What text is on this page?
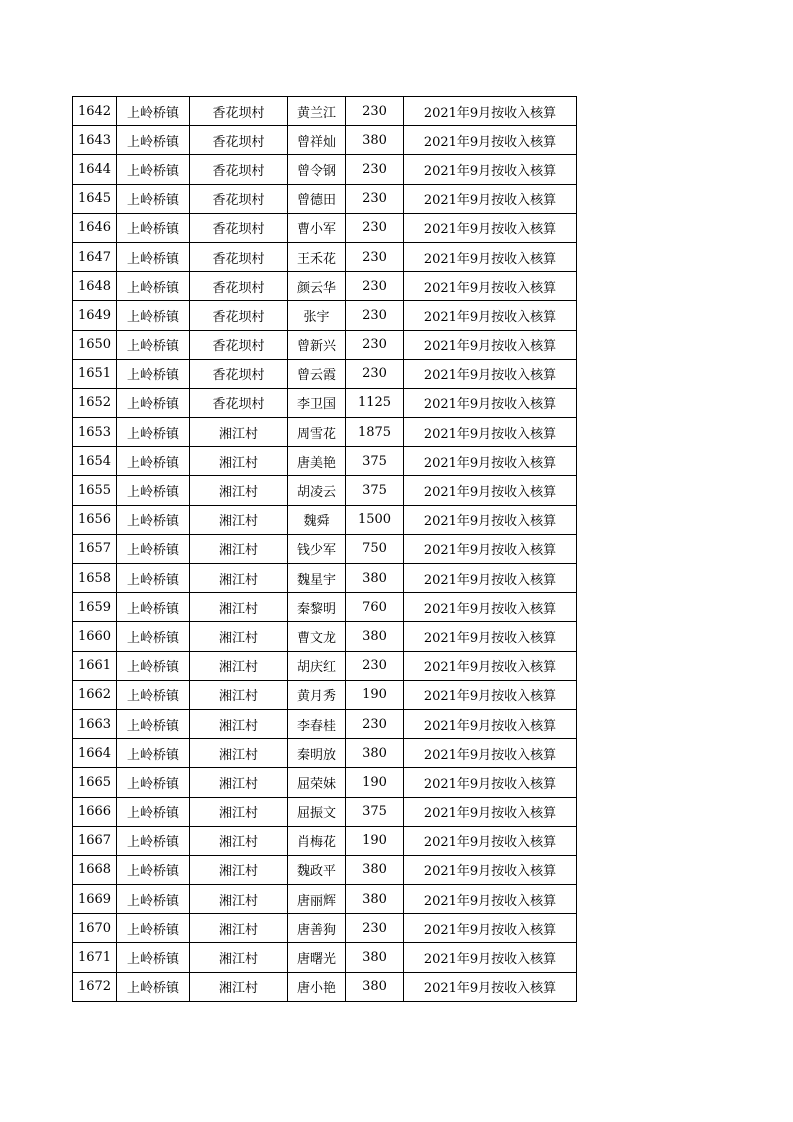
1642	上岭桥镇	香花坝村	黄兰江	230	2021年9月按收入核算
1643	上岭桥镇	香花坝村	曾祥灿	380	2021年9月按收入核算
1644	上岭桥镇	香花坝村	曾令钢	230	2021年9月按收入核算
1645	上岭桥镇	香花坝村	曾德田	230	2021年9月按收入核算
1646	上岭桥镇	香花坝村	曹小军	230	2021年9月按收入核算
1647	上岭桥镇	香花坝村	王禾花	230	2021年9月按收入核算
1648	上岭桥镇	香花坝村	颜云华	230	2021年9月按收入核算
1649	上岭桥镇	香花坝村	张宇	230	2021年9月按收入核算
1650	上岭桥镇	香花坝村	曾新兴	230	2021年9月按收入核算
1651	上岭桥镇	香花坝村	曾云霞	230	2021年9月按收入核算
1652	上岭桥镇	香花坝村	李卫国	1125	2021年9月按收入核算
1653	上岭桥镇	湘江村	周雪花	1875	2021年9月按收入核算
1654	上岭桥镇	湘江村	唐美艳	375	2021年9月按收入核算
1655	上岭桥镇	湘江村	胡凌云	375	2021年9月按收入核算
1656	上岭桥镇	湘江村	魏舜	1500	2021年9月按收入核算
1657	上岭桥镇	湘江村	钱少军	750	2021年9月按收入核算
1658	上岭桥镇	湘江村	魏星宇	380	2021年9月按收入核算
1659	上岭桥镇	湘江村	秦黎明	760	2021年9月按收入核算
1660	上岭桥镇	湘江村	曹文龙	380	2021年9月按收入核算
1661	上岭桥镇	湘江村	胡庆红	230	2021年9月按收入核算
1662	上岭桥镇	湘江村	黄月秀	190	2021年9月按收入核算
1663	上岭桥镇	湘江村	李春桂	230	2021年9月按收入核算
1664	上岭桥镇	湘江村	秦明放	380	2021年9月按收入核算
1665	上岭桥镇	湘江村	屈荣妹	190	2021年9月按收入核算
1666	上岭桥镇	湘江村	屈振文	375	2021年9月按收入核算
1667	上岭桥镇	湘江村	肖梅花	190	2021年9月按收入核算
1668	上岭桥镇	湘江村	魏政平	380	2021年9月按收入核算
1669	上岭桥镇	湘江村	唐丽辉	380	2021年9月按收入核算
1670	上岭桥镇	湘江村	唐善狗	230	2021年9月按收入核算
1671	上岭桥镇	湘江村	唐曙光	380	2021年9月按收入核算
1672	上岭桥镇	湘江村	唐小艳	380	2021年9月按收入核算
